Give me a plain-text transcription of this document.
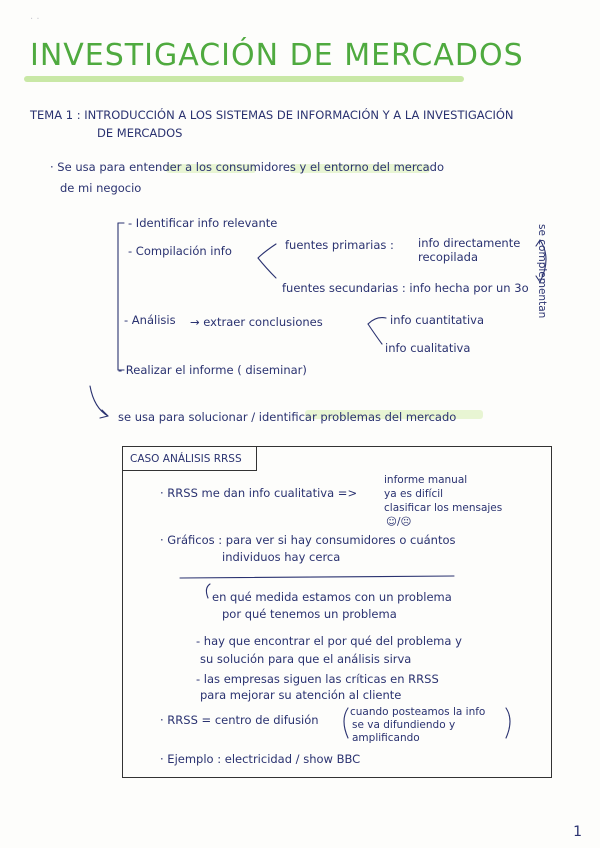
· ·
INVESTIGACIÓN DE MERCADOS
TEMA 1 : INTRODUCCIÓN A LOS SISTEMAS DE INFORMACIÓN Y A LA INVESTIGACIÓN
DE MERCADOS
· Se usa para entender a los consumidores y el entorno del mercado
de mi negocio
- Identificar info relevante
- Compilación info	fuentes primarias : info directamente
recopilada	se complementan
fuentes secundarias : info hecha por un 3o
- Análisis → extraer conclusiones	info cuantitativa
info cualitativa
- Realizar el informe ( diseminar)
se usa para solucionar / identificar problemas del mercado
CASO ANÁLISIS RRSS
· RRSS me dan info cualitativa =>
informe manual
ya es difícil
clasificar los mensajes
☺/☹
· Gráficos : para ver si hay consumidores o cuántos
individuos hay cerca
en qué medida estamos con un problema
por qué tenemos un problema
- hay que encontrar el por qué del problema y
su solución para que el análisis sirva
- las empresas siguen las críticas en RRSS
para mejorar su atención al cliente
· RRSS = centro de difusión
cuando posteamos la info
se va difundiendo y
amplificando
· Ejemplo : electricidad / show BBC
1
